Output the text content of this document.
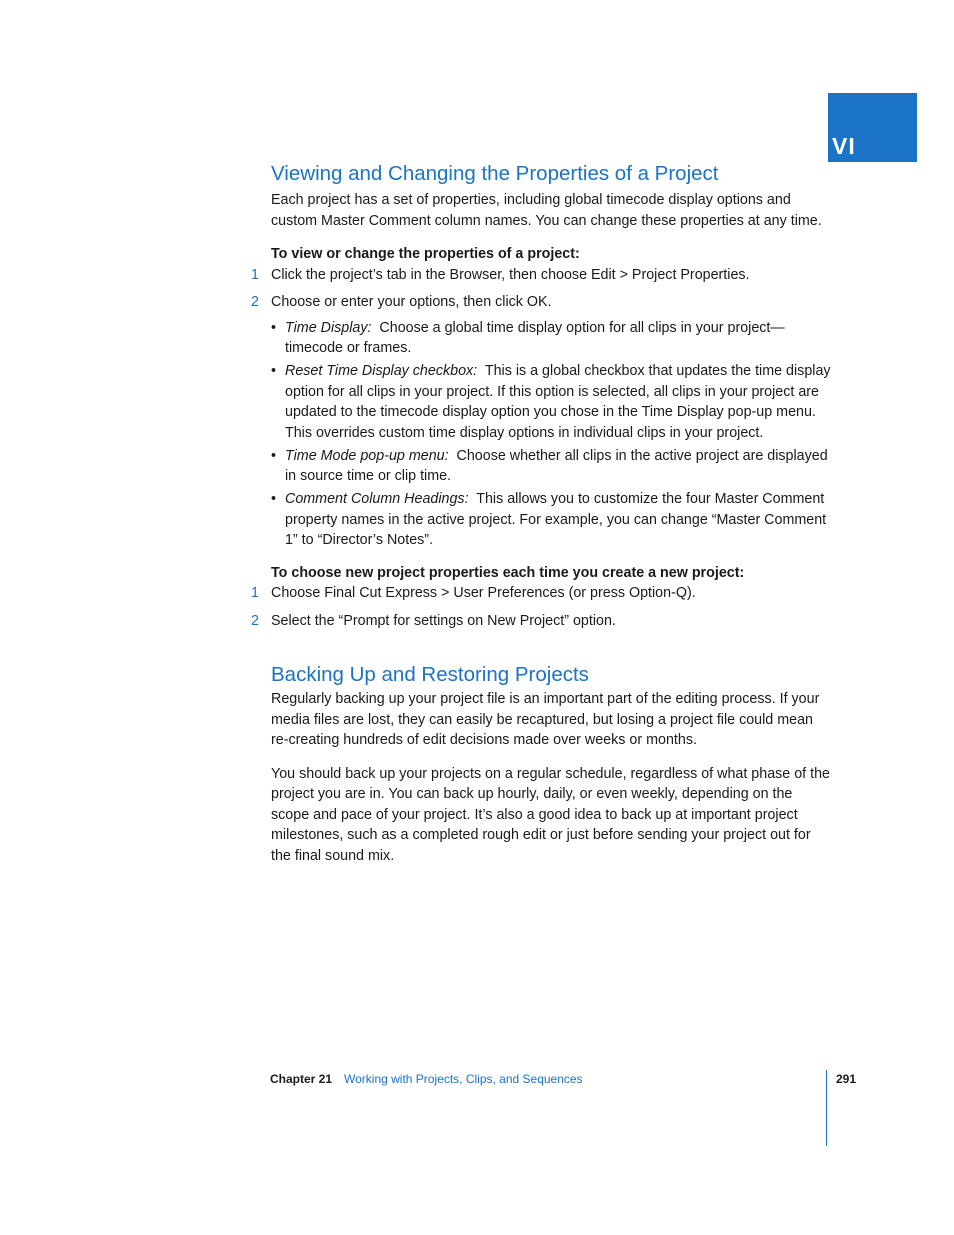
VI
Viewing and Changing the Properties of a Project

Each project has a set of properties, including global timecode display options and custom Master Comment column names. You can change these properties at any time.

To view or change the properties of a project:

1 Click the project’s tab in the Browser, then choose Edit > Project Properties.
2 Choose or enter your options, then click OK.
• Time Display: Choose a global time display option for all clips in your project—timecode or frames.
• Reset Time Display checkbox: This is a global checkbox that updates the time display option for all clips in your project. If this option is selected, all clips in your project are updated to the timecode display option you chose in the Time Display pop-up menu. This overrides custom time display options in individual clips in your project.
• Time Mode pop-up menu: Choose whether all clips in the active project are displayed in source time or clip time.
• Comment Column Headings: This allows you to customize the four Master Comment property names in the active project. For example, you can change “Master Comment 1” to “Director’s Notes”.

To choose new project properties each time you create a new project:

1 Choose Final Cut Express > User Preferences (or press Option-Q).
2 Select the “Prompt for settings on New Project” option.
Backing Up and Restoring Projects

Regularly backing up your project file is an important part of the editing process. If your media files are lost, they can easily be recaptured, but losing a project file could mean re-creating hundreds of edit decisions made over weeks or months.

You should back up your projects on a regular schedule, regardless of what phase of the project you are in. You can back up hourly, daily, or even weekly, depending on the scope and pace of your project. It’s also a good idea to back up at important project milestones, such as a completed rough edit or just before sending your project out for the final sound mix.

Chapter 21 Working with Projects, Clips, and Sequences	291
